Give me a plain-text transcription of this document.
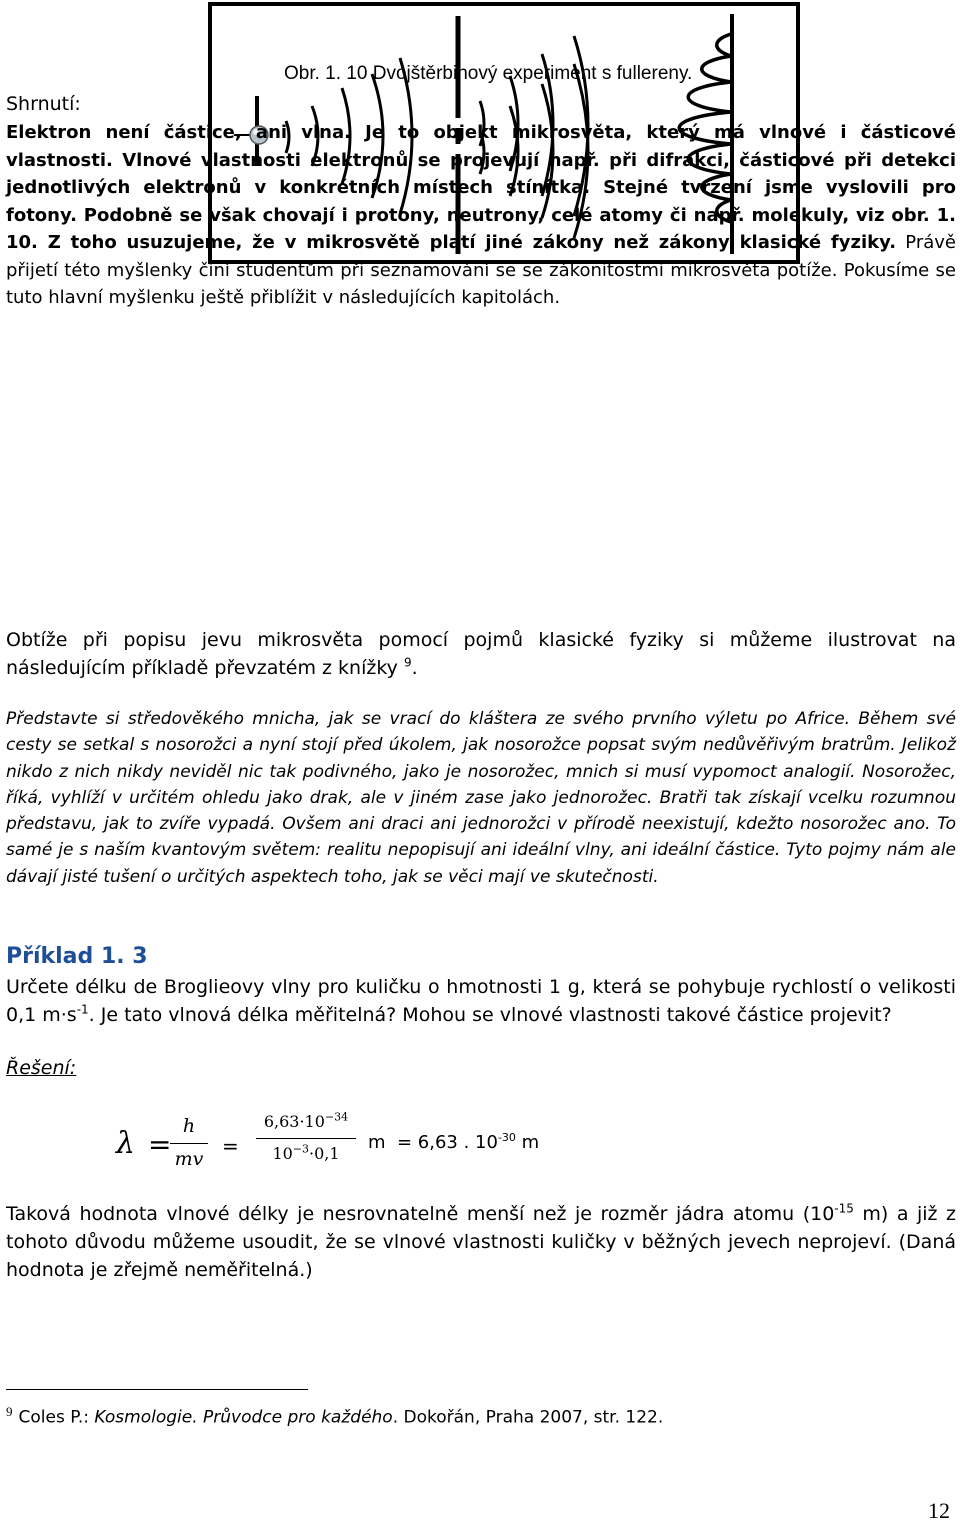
Obr. 1. 10 Dvojštěrbinový experiment s fullereny.
Shrnutí:
Elektron není částice, ani vlna. Je to objekt mikrosvěta, který má vlnové i částicové vlastnosti. Vlnové vlastnosti elektronů se projevují např. při difrakci, částicové při detekci jednotlivých elektronů v konkrétních místech stínítka. Stejné tvrzení jsme vyslovili pro fotony. Podobně se však chovají i protony, neutrony, celé atomy či např. molekuly, viz obr. 1. 10. Z toho usuzujeme, že v mikrosvětě platí jiné zákony než zákony klasické fyziky. Právě přijetí této myšlenky činí studentům při seznamování se se zákonitostmi mikrosvěta potíže. Pokusíme se tuto hlavní myšlenku ještě přiblížit v následujících kapitolách.
Obtíže při popisu jevu mikrosvěta pomocí pojmů klasické fyziky si můžeme ilustrovat na následujícím příkladě převzatém z knížky $^9$.
Představte si středověkého mnicha, jak se vrací do kláštera ze svého prvního výletu po Africe. Během své cesty se setkal s nosorožci a nyní stojí před úkolem, jak nosorožce popsat svým nedůvěřivým bratrům. Jelikož nikdo z nich nikdy neviděl nic tak podivného, jako je nosorožec, mnich si musí vypomoct analogií. Nosorožec, říká, vyhlíží v určitém ohledu jako drak, ale v jiném zase jako jednorožec. Bratři tak získají vcelku rozumnou představu, jak to zvíře vypadá. Ovšem ani draci ani jednorožci v přírodě neexistují, kdežto nosorožec ano. To samé je s naším kvantovým světem: realitu nepopisují ani ideální vlny, ani ideální částice. Tyto pojmy nám ale dávají jisté tušení o určitých aspektech toho, jak se věci mají ve skutečnosti.
Příklad 1. 3
Určete délku de Broglieovy vlny pro kuličku o hmotnosti 1 g, která se pohybuje rychlostí o velikosti 0,1 $m\cdot s^{-1}$. Je tato vlnová délka měřitelná? Mohou se vlnové vlastnosti takové částice projevit?
Řešení:
λ =
h
mv
=
$6,63\cdot 10^{-34}$
$10^{-3}\cdot 0,1$
m = 6,63 . $10^{-30}$ m
Taková hodnota vlnové délky je nesrovnatelně menší než je rozměr jádra atomu ($10^{-15}$ m) a již z tohoto důvodu můžeme usoudit, že se vlnové vlastnosti kuličky v běžných jevech neprojeví. (Daná hodnota je zřejmě neměřitelná.)
$^9$ Coles P.: Kosmologie. Průvodce pro každého. Dokořán, Praha 2007, str. 122.
12
